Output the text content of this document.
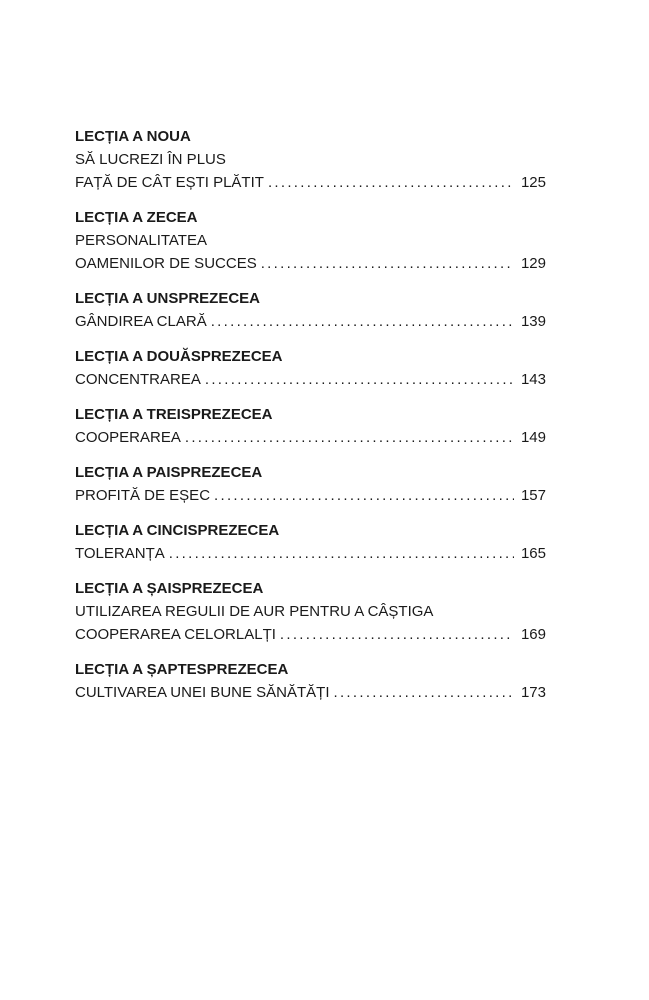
LECȚIA A NOUA
SĂ LUCREZI ÎN PLUS
FAȚĂ DE CÂT EȘTI PLĂTIT .....	125
LECȚIA A ZECEA
PERSONALITATEA
OAMENILOR DE SUCCES .....	129
LECȚIA A UNSPREZECEA
GÂNDIREA CLARĂ .....	139
LECȚIA A DOUĂSPREZECEA
CONCENTRAREA .....	143
LECȚIA A TREISPREZECEA
COOPERAREA .....	149
LECȚIA A PAISPREZECEA
PROFITĂ DE EȘEC .....	157
LECȚIA A CINCISPREZECEA
TOLERANȚA .....	165
LECȚIA A ȘAISPREZECEA
UTILIZAREA REGULII DE AUR PENTRU A CÂȘTIGA
COOPERAREA CELORLALȚI .....	169
LECȚIA A ȘAPTESPREZECEA
CULTIVAREA UNEI BUNE SĂNĂTĂȚI .....	173
